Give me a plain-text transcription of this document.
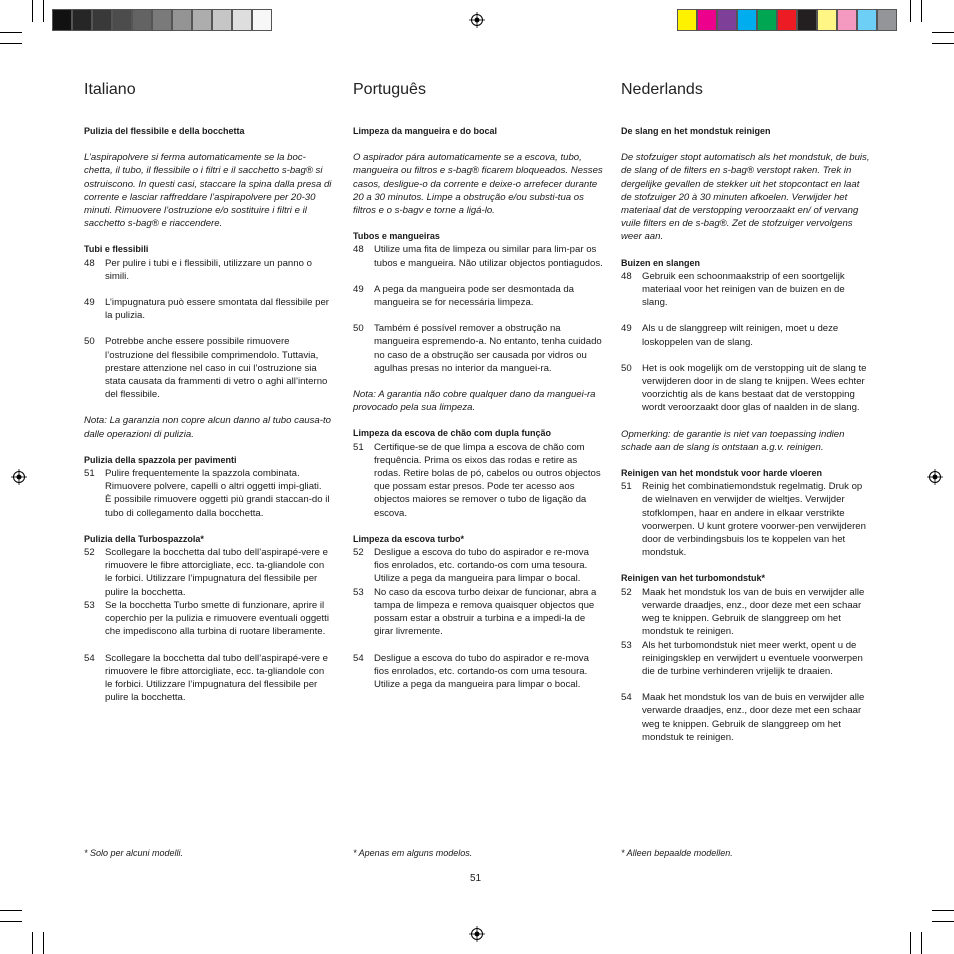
Italiano
Pulizia del flessibile e della bocchetta
L’aspirapolvere si ferma automaticamente se la boc-chetta, il tubo, il flessibile o i filtri e il sacchetto s-bag® si ostruiscono. In questi casi, staccare la spina dalla presa di corrente e lasciar raffreddare l’aspirapolvere per 20-30 minuti. Rimuovere l’ostruzione e/o sostituire i filtri e il sacchetto s-bag® e riaccendere.
Tubi e flessibili
48	Per pulire i tubi e i flessibili, utilizzare un panno o simili.
49	L’impugnatura può essere smontata dal flessibile per la pulizia.
50	Potrebbe anche essere possibile rimuovere l’ostruzione del flessibile comprimendolo. Tuttavia, prestare attenzione nel caso in cui l’ostruzione sia stata causata da frammenti di vetro o aghi all’interno del flessibile.
Nota: La garanzia non copre alcun danno al tubo causa-to dalle operazioni di pulizia.
Pulizia della spazzola per pavimenti
51	Pulire frequentemente la spazzola combinata. Rimuovere polvere, capelli o altri oggetti impi-gliati.
È possibile rimuovere oggetti più grandi staccan-do il tubo di collegamento dalla bocchetta.
Pulizia della Turbospazzola*
52	Scollegare la bocchetta dal tubo dell’aspirapé-vere e rimuovere le fibre attorcigliate, ecc. ta-gliandole con le forbici. Utilizzare l’impugnatura del flessibile per pulire la bocchetta.
53	Se la bocchetta Turbo smette di funzionare, aprire il coperchio per la pulizia e rimuovere eventuali oggetti che impediscono alla turbina di ruotare liberamente.
54	Scollegare la bocchetta dal tubo dell’aspirapé-vere e rimuovere le fibre attorcigliate, ecc. ta-gliandole con le forbici. Utilizzare l’impugnatura del flessibile per pulire la bocchetta.
Português
Limpeza da mangueira e do bocal
O aspirador pára automaticamente se a escova, tubo, mangueira ou filtros e s-bag® ficarem bloqueados. Nesses casos, desligue-o da corrente e deixe-o arrefecer durante 20 a 30 minutos. Limpe a obstrução e/ou substi-tua os filtros e o s-bagv e torne a ligá-lo.
Tubos e mangueiras
48	Utilize uma fita de limpeza ou similar para lim-par os tubos e mangueira. Não utilizar objectos pontiagudos.
49	A pega da mangueira pode ser desmontada da mangueira se for necessária limpeza.
50	Também é possível remover a obstrução na mangueira espremendo-a. No entanto, tenha cuidado no caso de a obstrução ser causada por vidros ou agulhas presas no interior da manguei-ra.
Nota: A garantia não cobre qualquer dano da manguei-ra provocado pela sua limpeza.
Limpeza da escova de chão com dupla função
51	Certifique-se de que limpa a escova de chão com frequência. Prima os eixos das rodas e retire as rodas. Retire bolas de pó, cabelos ou outros objectos que possam estar presos. Pode ter acesso aos objectos maiores se remover o tubo de ligação da escova.
Limpeza da escova turbo*
52	Desligue a escova do tubo do aspirador e re-mova fios enrolados, etc. cortando-os com uma tesoura. Utilize a pega da mangueira para limpar o bocal.
53	No caso da escova turbo deixar de funcionar, abra a tampa de limpeza e remova quaisquer objectos que possam estar a obstruir a turbina e a impedi-la de girar livremente.
54	Desligue a escova do tubo do aspirador e re-mova fios enrolados, etc. cortando-os com uma tesoura. Utilize a pega da mangueira para limpar o bocal.
Nederlands
De slang en het mondstuk reinigen
De stofzuiger stopt automatisch als het mondstuk, de buis, de slang of de filters en s-bag® verstopt raken. Trek in dergelijke gevallen de stekker uit het stopcontact en laat de stofzuiger 20 à 30 minuten afkoelen. Verwijder het materiaal dat de verstopping veroorzaakt en/ of vervang vuile filters en de s-bag®. Zet de stofzuiger vervolgens weer aan.
Buizen en slangen
48	Gebruik een schoonmaakstrip of een soortgelijk materiaal voor het reinigen van de buizen en de slang.
49	Als u de slanggreep wilt reinigen, moet u deze loskoppelen van de slang.
50	Het is ook mogelijk om de verstopping uit de slang te verwijderen door in de slang te knijpen. Wees echter voorzichtig als de kans bestaat dat de verstopping wordt veroorzaakt door glas of naalden in de slang.
Opmerking: de garantie is niet van toepassing indien schade aan de slang is ontstaan a.g.v. reinigen.
Reinigen van het mondstuk voor harde vloeren
51	Reinig het combinatiemondstuk regelmatig. Druk op de wielnaven en verwijder de wieltjes. Verwijder stofklompen, haar en andere in elkaar verstrikte voorwerpen. U kunt grotere voorwer-pen verwijderen door de verbindingsbuis los te koppelen van het mondstuk.
Reinigen van het turbomondstuk*
52	Maak het mondstuk los van de buis en verwijder alle verwarde draadjes, enz., door deze met een schaar weg te knippen. Gebruik de slanggreep om het mondstuk te reinigen.
53	Als het turbomondstuk niet meer werkt, opent u de reinigingsklep en verwijdert u eventuele voorwerpen die de turbine verhinderen vrijelijk te draaien.
54	Maak het mondstuk los van de buis en verwijder alle verwarde draadjes, enz., door deze met een schaar weg te knippen. Gebruik de slanggreep om het mondstuk te reinigen.
* Solo per alcuni modelli.	* Apenas em alguns modelos.	* Alleen bepaalde modellen.
51
